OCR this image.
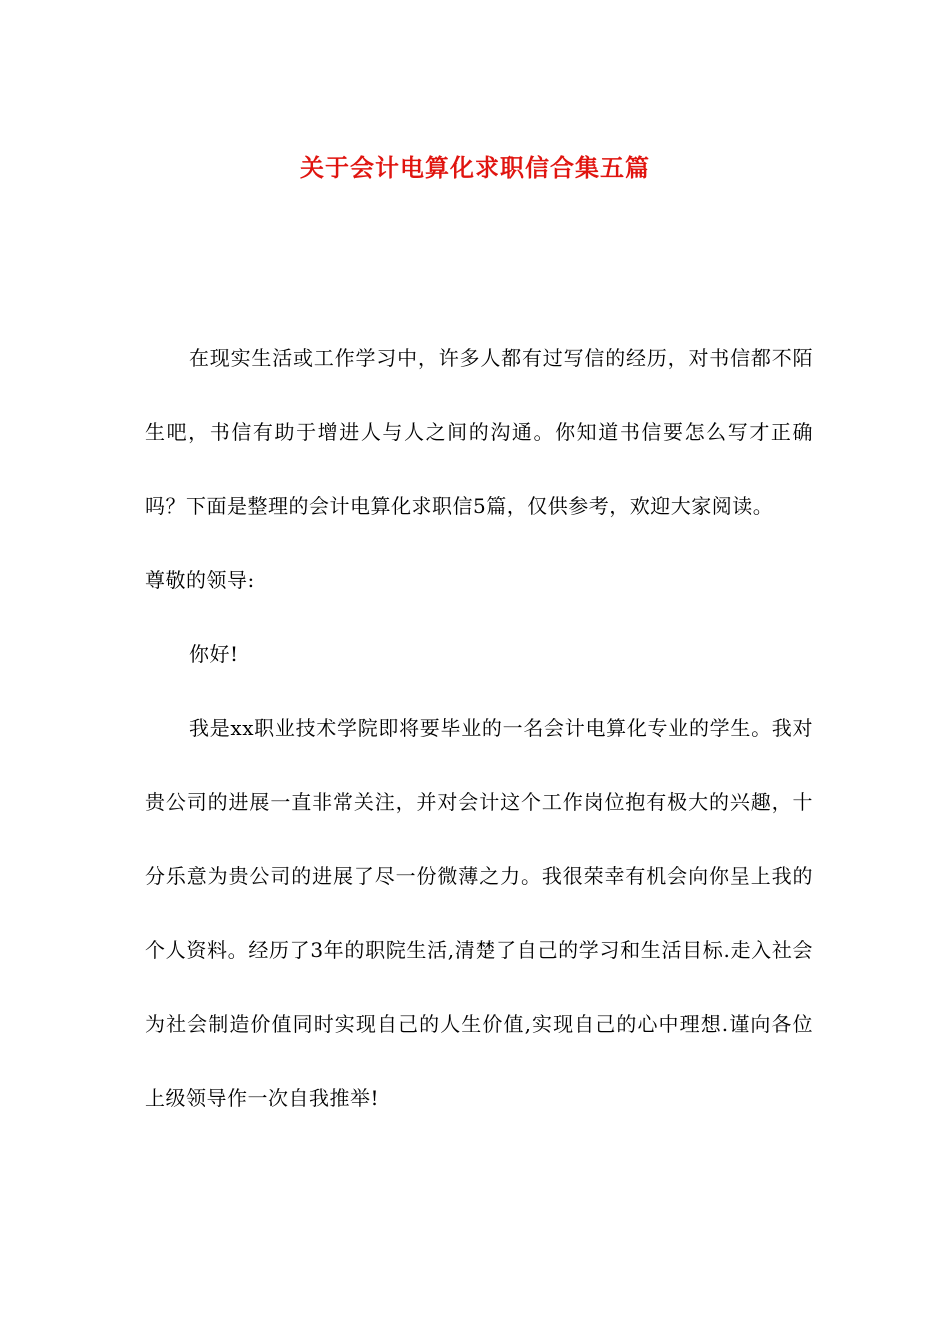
关于会计电算化求职信合集五篇

在现实生活或工作学习中，许多人都有过写信的经历，对书信都不陌生吧，书信有助于增进人与人之间的沟通。你知道书信要怎么写才正确吗？下面是整理的会计电算化求职信5篇，仅供参考，欢迎大家阅读。

尊敬的领导:

你好!

我是xx职业技术学院即将要毕业的一名会计电算化专业的学生。我对贵公司的进展一直非常关注，并对会计这个工作岗位抱有极大的兴趣，十分乐意为贵公司的进展了尽一份微薄之力。我很荣幸有机会向你呈上我的个人资料。经历了3年的职院生活,清楚了自己的学习和生活目标.走入社会为社会制造价值同时实现自己的人生价值,实现自己的心中理想.谨向各位上级领导作一次自我推举!
